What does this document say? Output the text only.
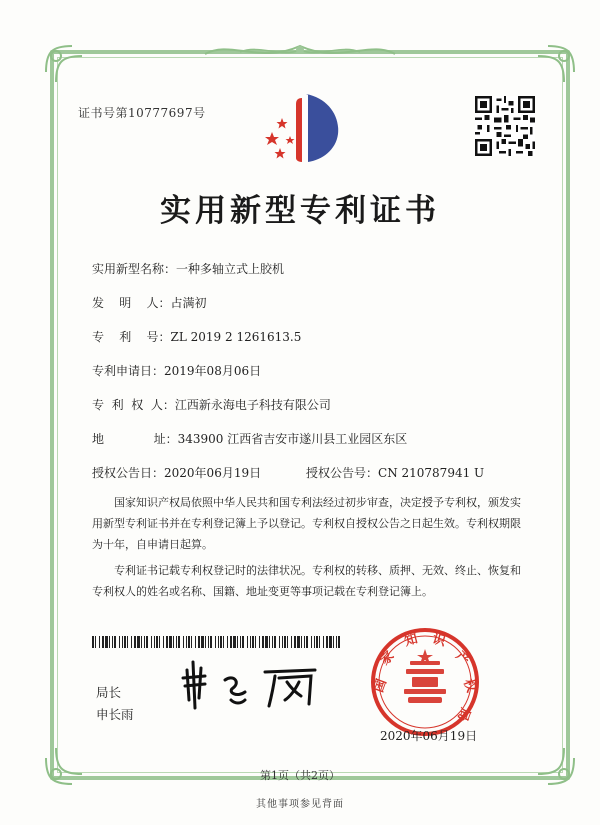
证书号第10777697号
实用新型专利证书
实用新型名称：一种多轴立式上胶机
发    明    人：占满初
专    利    号：ZL 2019 2 1261613.5
专利申请日：2019年08月06日
专  利  权  人：江西新永海电子科技有限公司
地             址：343900 江西省吉安市遂川县工业园区东区
授权公告日：2020年06月19日	授权公告号：CN 210787941 U
国家知识产权局依照中华人民共和国专利法经过初步审查，决定授予专利权，颁发实用新型专利证书并在专利登记簿上予以登记。专利权自授权公告之日起生效。专利权期限为十年，自申请日起算。
专利证书记载专利权登记时的法律状况。专利权的转移、质押、无效、终止、恢复和专利权人的姓名或名称、国籍、地址变更等事项记载在专利登记簿上。
局长
申长雨
国
家
知 识
产
权
局
2020年06月19日
第1页（共2页）
其他事项参见背面
